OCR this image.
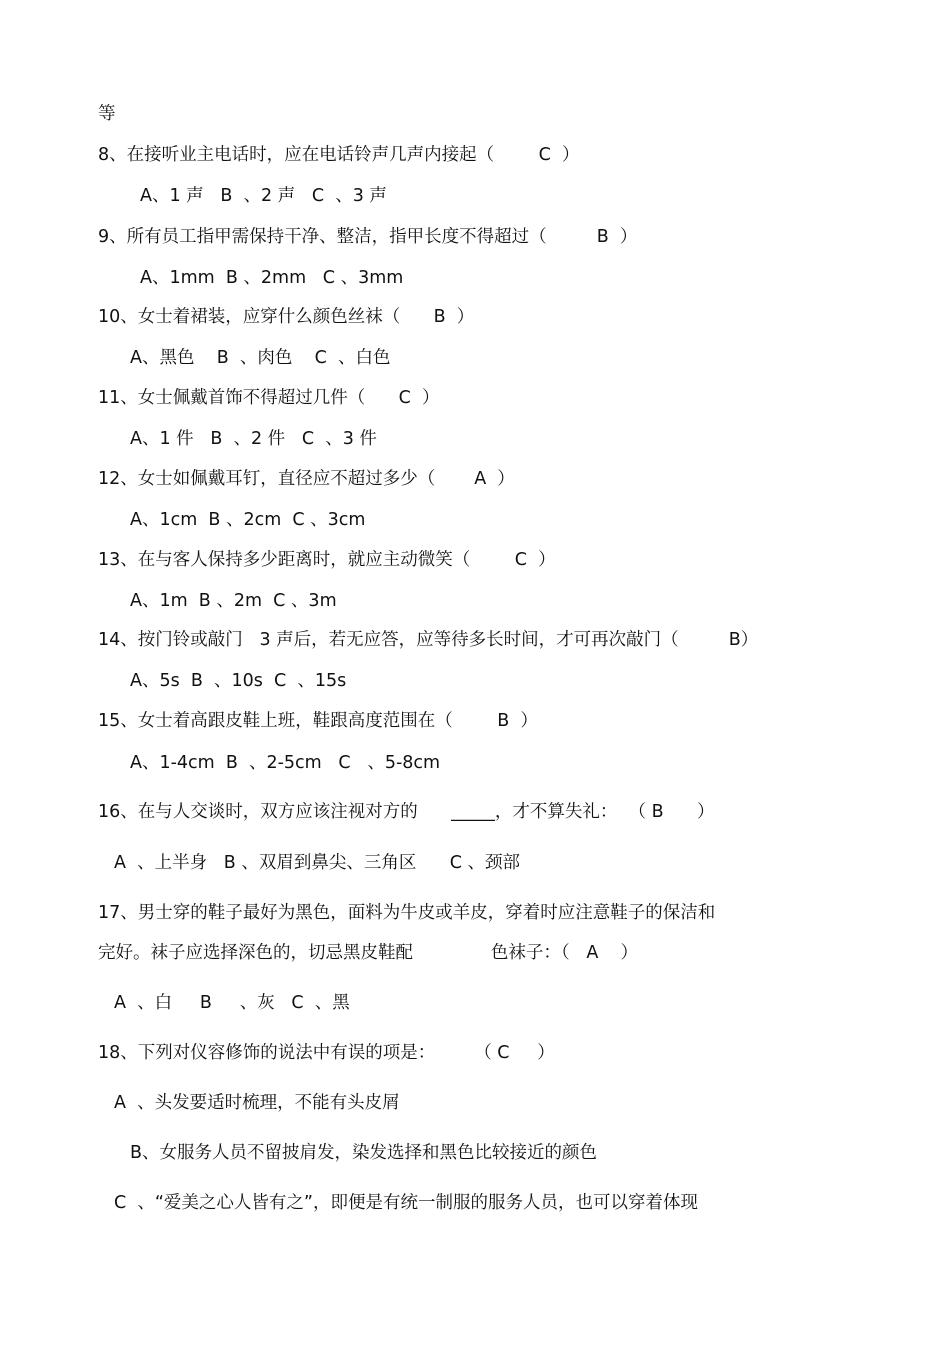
等
8、在接听业主电话时，应在电话铃声几声内接起（        C  ）
A、1 声   B  、2 声   C  、3 声
9、所有员工指甲需保持干净、整洁，指甲长度不得超过（         B  ）
A、1mm  B 、2mm   C 、3mm
10、女士着裙装，应穿什么颜色丝袜（      B  ）
A、黑色    B  、肉色    C  、白色
11、女士佩戴首饰不得超过几件（      C  ）
A、1 件   B  、2 件   C  、3 件
12、女士如佩戴耳钉，直径应不超过多少（       A  ）
A、1cm  B 、2cm  C 、3cm
13、在与客人保持多少距离时，就应主动微笑（        C  ）
A、1m  B 、2m  C 、3m
14、按门铃或敲门   3 声后，若无应答，应等待多长时间，才可再次敲门（         B）
A、5s  B  、10s  C  、15s
15、女士着高跟皮鞋上班，鞋跟高度范围在（        B  ）
A、1-4cm  B  、2-5cm   C   、5-8cm
16、在与人交谈时，双方应该注视对方的      _____，才不算失礼：  （ B      ）
A  、上半身   B 、双眉到鼻尖、三角区      C 、颈部
17、男士穿的鞋子最好为黑色，面料为牛皮或羊皮，穿着时应注意鞋子的保洁和
完好。袜子应选择深色的，切忌黑皮鞋配              色袜子：（   A    ）
A  、白     B     、灰   C  、黑
18、下列对仪容修饰的说法中有误的项是：       （ C     ）
A  、头发要适时梳理，不能有头皮屑
B、女服务人员不留披肩发，染发选择和黑色比较接近的颜色
C  、“爱美之心人皆有之”，即便是有统一制服的服务人员，也可以穿着体现
